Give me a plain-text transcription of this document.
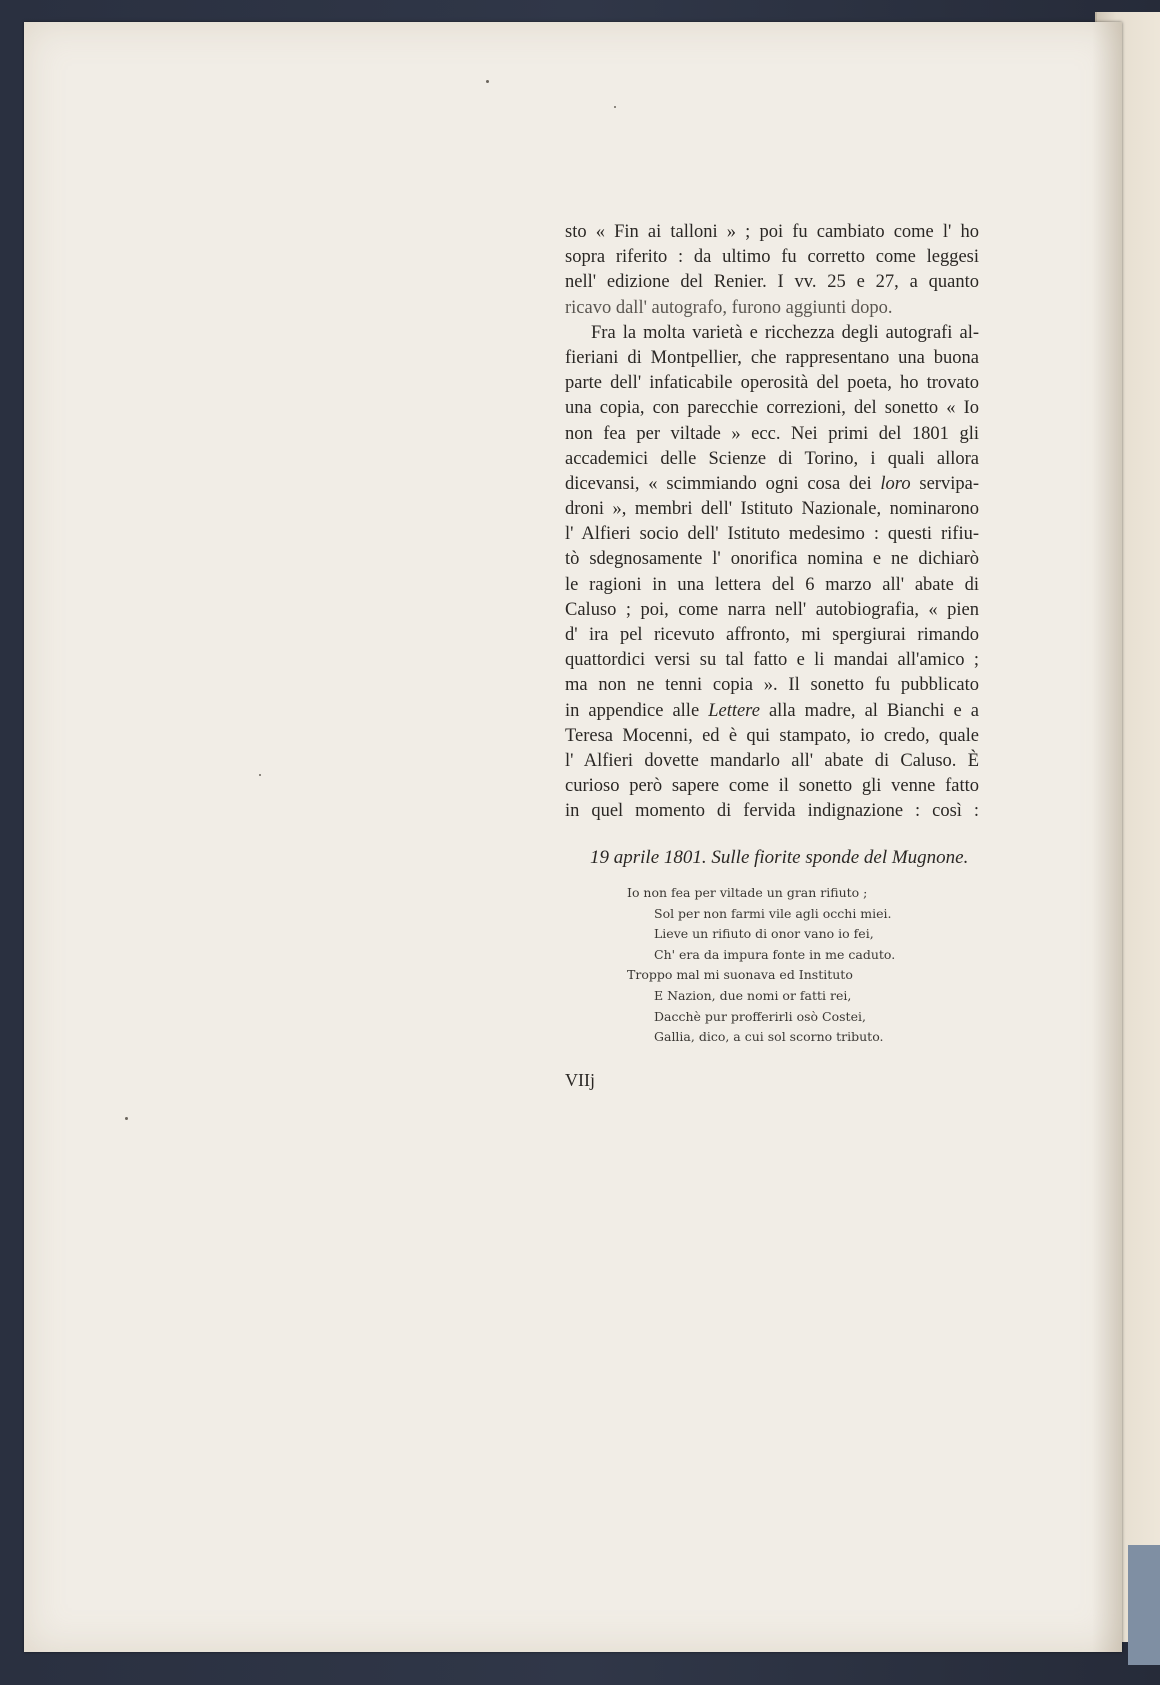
sto « Fin ai talloni » ; poi fu cambiato come l' ho
sopra riferito : da ultimo fu corretto come leggesi
nell' edizione del Renier. I vv. 25 e 27, a quanto
ricavo dall' autografo, furono aggiunti dopo.
Fra la molta varietà e ricchezza degli autografi al-
fieriani di Montpellier, che rappresentano una buona
parte dell' infaticabile operosità del poeta, ho trovato
una copia, con parecchie correzioni, del sonetto « Io
non fea per viltade » ecc. Nei primi del 1801 gli
accademici delle Scienze di Torino, i quali allora
dicevansi, « scimmiando ogni cosa dei loro servipa-
droni », membri dell' Istituto Nazionale, nominarono
l' Alfieri socio dell' Istituto medesimo : questi rifiu-
tò sdegnosamente l' onorifica nomina e ne dichiarò
le ragioni in una lettera del 6 marzo all' abate di
Caluso ; poi, come narra nell' autobiografia, « pien
d' ira pel ricevuto affronto, mi spergiurai rimando
quattordici versi su tal fatto e li mandai all'amico ;
ma non ne tenni copia ». Il sonetto fu pubblicato
in appendice alle Lettere alla madre, al Bianchi e a
Teresa Mocenni, ed è qui stampato, io credo, quale
l' Alfieri dovette mandarlo all' abate di Caluso. È
curioso però sapere come il sonetto gli venne fatto
in quel momento di fervida indignazione : così :
19 aprile 1801. Sulle fiorite sponde del Mugnone.
Io non fea per viltade un gran rifiuto ;
Sol per non farmi vile agli occhi miei.
Lieve un rifiuto di onor vano io fei,
Ch' era da impura fonte in me caduto.
Troppo mal mi suonava ed Instituto
E Nazion, due nomi or fatti rei,
Dacchè pur profferirli osò Costei,
Gallia, dico, a cui sol scorno tributo.
VIIj
